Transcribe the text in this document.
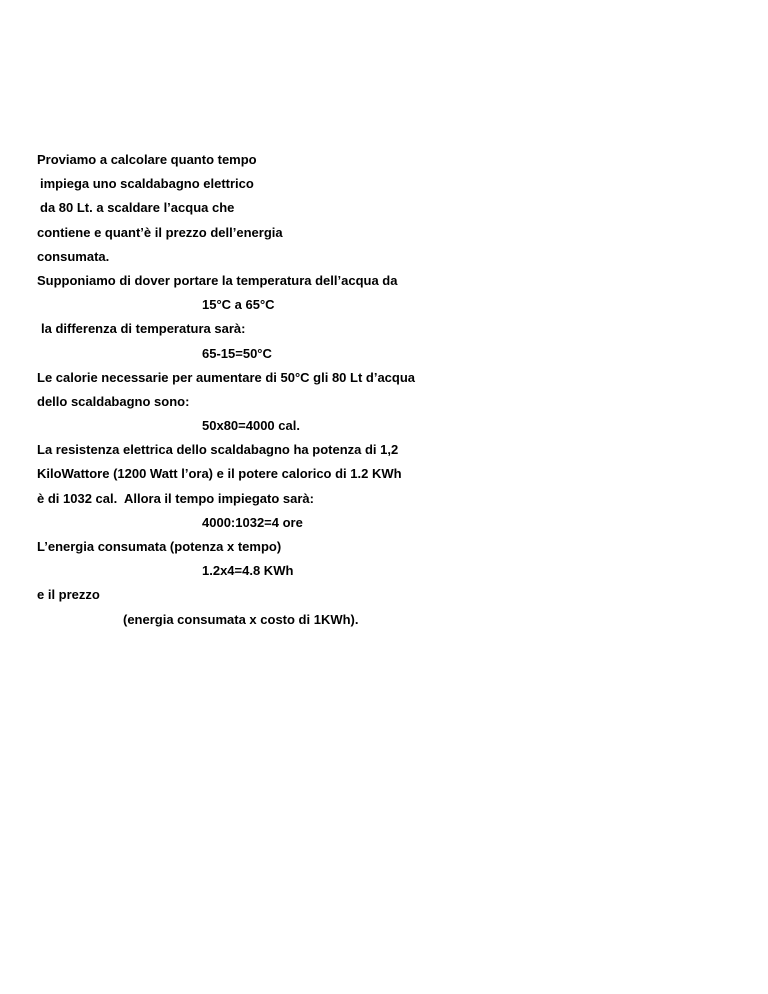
Proviamo a calcolare quanto tempo
impiega uno scaldabagno elettrico
da 80 Lt. a scaldare l’acqua che
contiene e quant’è il prezzo dell’energia
consumata.
Supponiamo di dover portare la temperatura dell’acqua da
15°C a 65°C
la differenza di temperatura sarà:
65-15=50°C
Le calorie necessarie per aumentare di 50°C gli 80 Lt d’acqua
dello scaldabagno sono:
50x80=4000 cal.
La resistenza elettrica dello scaldabagno ha potenza di 1,2
KiloWattore (1200 Watt l’ora) e il potere calorico di 1.2 KWh
è di 1032 cal.  Allora il tempo impiegato sarà:
4000:1032=4 ore
L’energia consumata (potenza x tempo)
1.2x4=4.8 KWh
e il prezzo
(energia consumata x costo di 1KWh).
